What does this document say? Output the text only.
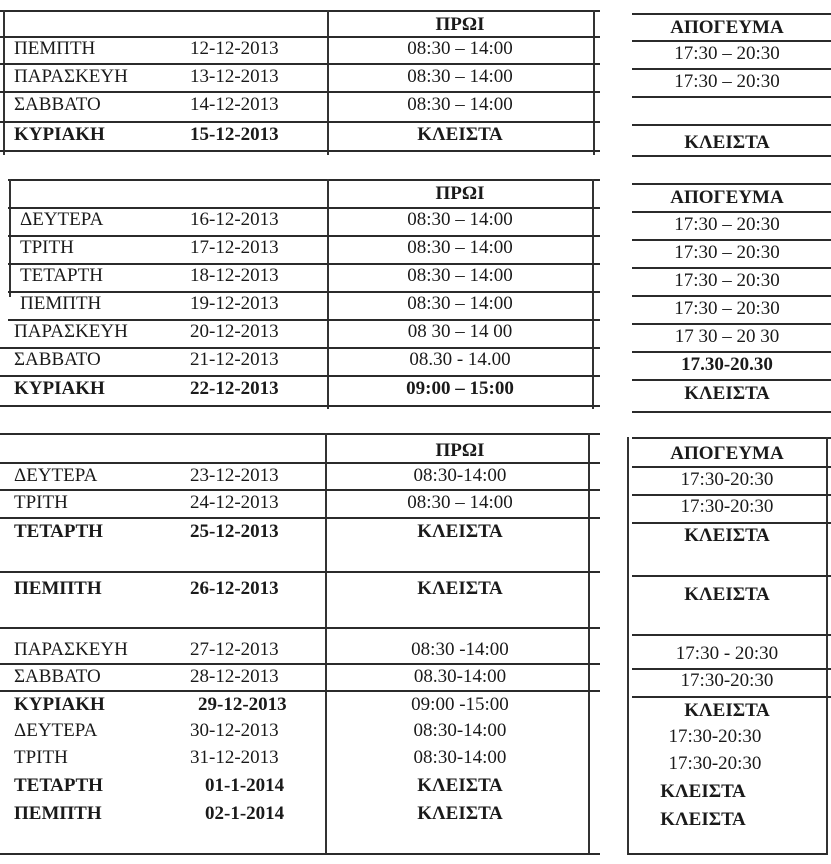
ΠΡΩΙ	ΑΠΟΓΕΥΜΑ
ΠΕΜΠΤΗ	12-12-2013	08:30 – 14:00	17:30 – 20:30
ΠΑΡΑΣΚΕΥΗ	13-12-2013	08:30 – 14:00	17:30 – 20:30
ΣΑΒΒΑΤΟ	14-12-2013	08:30 – 14:00
ΚΥΡΙΑΚΗ	15-12-2013	ΚΛΕΙΣΤΑ	ΚΛΕΙΣΤΑ
ΠΡΩΙ	ΑΠΟΓΕΥΜΑ
ΔΕΥΤΕΡΑ	16-12-2013	08:30 – 14:00	17:30 – 20:30
ΤΡΙΤΗ	17-12-2013	08:30 – 14:00	17:30 – 20:30
ΤΕΤΑΡΤΗ	18-12-2013	08:30 – 14:00	17:30 – 20:30
ΠΕΜΠΤΗ	19-12-2013	08:30 – 14:00	17:30 – 20:30
ΠΑΡΑΣΚΕΥΗ	20-12-2013	08 30 – 14 00	17 30 – 20 30
ΣΑΒΒΑΤΟ	21-12-2013	08.30 - 14.00	17.30-20.30
ΚΥΡΙΑΚΗ	22-12-2013	09:00 – 15:00	ΚΛΕΙΣΤΑ
ΠΡΩΙ	ΑΠΟΓΕΥΜΑ
ΔΕΥΤΕΡΑ	23-12-2013	08:30-14:00	17:30-20:30
ΤΡΙΤΗ	24-12-2013	08:30 – 14:00	17:30-20:30
ΤΕΤΑΡΤΗ	25-12-2013	ΚΛΕΙΣΤΑ	ΚΛΕΙΣΤΑ
ΠΕΜΠΤΗ	26-12-2013	ΚΛΕΙΣΤΑ	ΚΛΕΙΣΤΑ
ΠΑΡΑΣΚΕΥΗ	27-12-2013	08:30 -14:00	17:30 - 20:30
ΣΑΒΒΑΤΟ	28-12-2013	08.30-14:00	17:30-20:30
ΚΥΡΙΑΚΗ	29-12-2013	09:00 -15:00	ΚΛΕΙΣΤΑ
ΔΕΥΤΕΡΑ	30-12-2013	08:30-14:00	17:30-20:30
ΤΡΙΤΗ	31-12-2013	08:30-14:00	17:30-20:30
ΤΕΤΑΡΤΗ	01-1-2014	ΚΛΕΙΣΤΑ	ΚΛΕΙΣΤΑ
ΠΕΜΠΤΗ	02-1-2014	ΚΛΕΙΣΤΑ	ΚΛΕΙΣΤΑ
